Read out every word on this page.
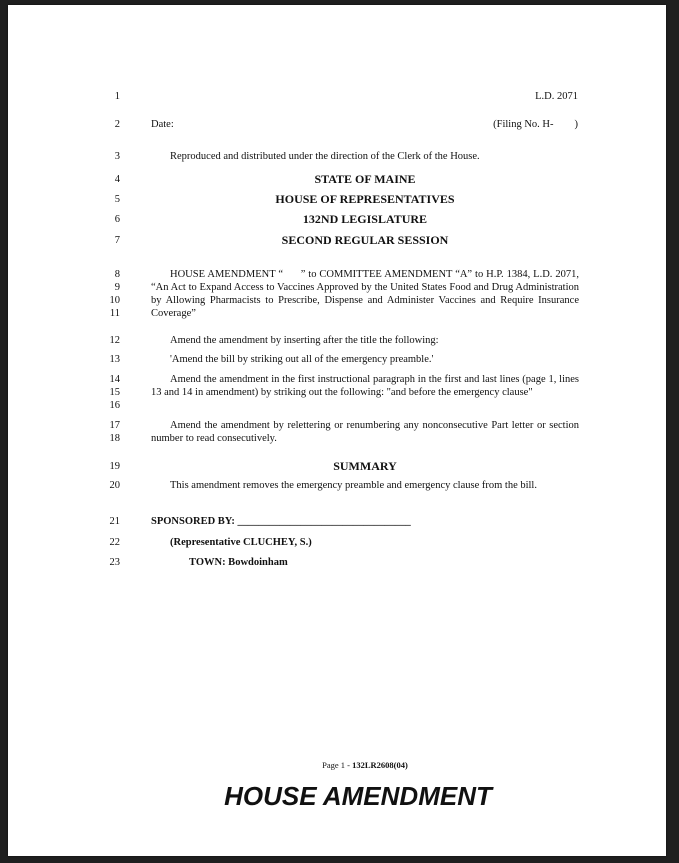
1
2
3
4
5
6
7
8
9
10
11
12
13
14
15
16
17
18
19
20
21
22
23
L.D. 2071
Date:	(Filing No. H-        )
Reproduced and distributed under the direction of the Clerk of the House.
STATE OF MAINE
HOUSE OF REPRESENTATIVES
132ND LEGISLATURE
SECOND REGULAR SESSION
HOUSE AMENDMENT “      ” to COMMITTEE AMENDMENT “A” to H.P. 1384, L.D. 2071, “An Act to Expand Access to Vaccines Approved by the United States Food and Drug Administration by Allowing Pharmacists to Prescribe, Dispense and Administer Vaccines and Require Insurance Coverage”
Amend the amendment by inserting after the title the following:
'Amend the bill by striking out all of the emergency preamble.'
Amend the amendment in the first instructional paragraph in the first and last lines (page 1, lines 13 and 14 in amendment) by striking out the following: "and before the emergency clause"
Amend the amendment by relettering or renumbering any nonconsecutive Part letter or section number to read consecutively.
SUMMARY
This amendment removes the emergency preamble and emergency clause from the bill.
SPONSORED BY: _________________________________
(Representative CLUCHEY, S.)
TOWN: Bowdoinham
Page 1 - 132LR2608(04)
HOUSE AMENDMENT
